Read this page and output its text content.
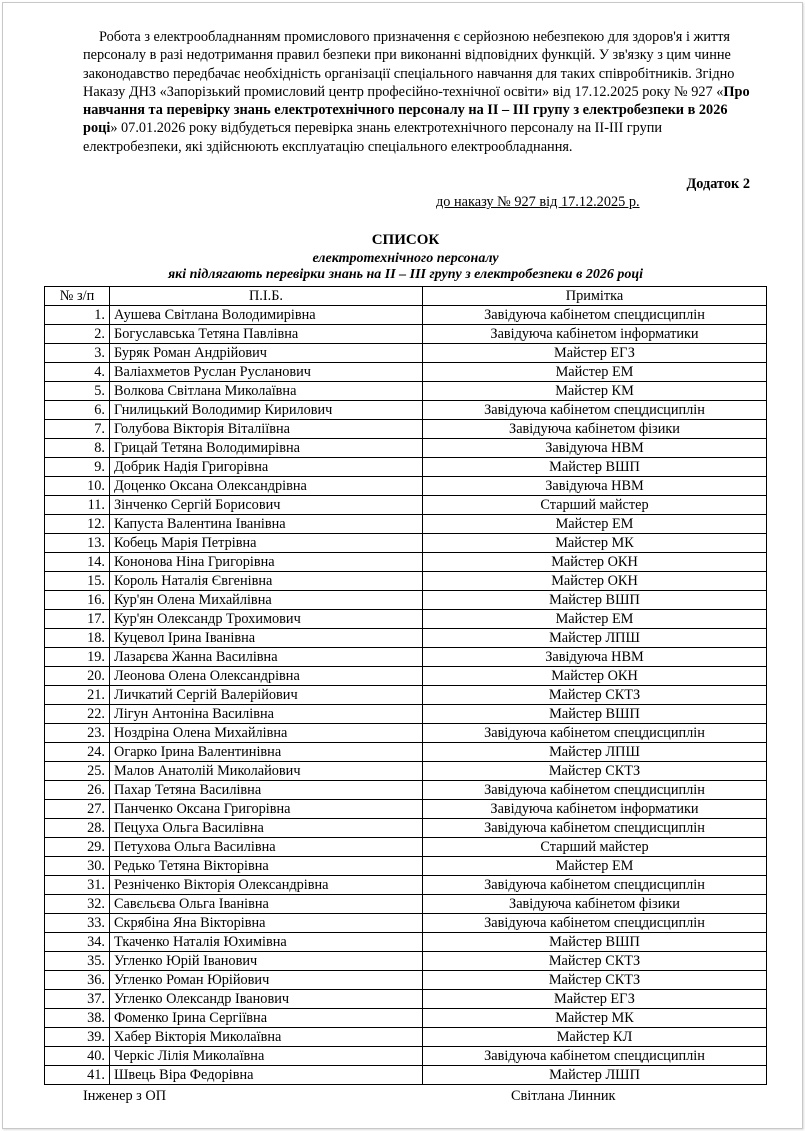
Робота з електрообладнанням промислового призначення є серйозною небезпекою для здоров'я і життя персоналу в разі недотримання правил безпеки при виконанні відповідних функцій. У зв'язку з цим чинне законодавство передбачає необхідність організації спеціального навчання для таких співробітників. Згідно Наказу ДНЗ «Запорізький промисловий центр професійно-технічної освіти» від 17.12.2025 року № 927 «Про навчання та перевірку знань електротехнічного персоналу на ІІ – ІІІ групу з електробезпеки в 2026 році» 07.01.2026 року відбудеться перевірка знань електротехнічного персоналу на ІІ-ІІІ групи електробезпеки, які здійснюють експлуатацію спеціального електрообладнання.

Додаток 2
до наказу № 927 від 17.12.2025 р.

СПИСОК

електротехнічного персоналу

які підлягають перевірки знань на ІІ – ІІІ групу з електробезпеки в 2026 році

№ з/п	П.І.Б.	Примітка
1.	Аушева Світлана Володимирівна	Завідуюча кабінетом спецдисциплін
2.	Богуславська Тетяна Павлівна	Завідуюча кабінетом інформатики
3.	Буряк Роман Андрійович	Майстер ЕГЗ
4.	Валіахметов Руслан Русланович	Майстер ЕМ
5.	Волкова Світлана Миколаївна	Майстер КМ
6.	Гнилицький Володимир Кирилович	Завідуюча кабінетом спецдисциплін
7.	Голубова Вікторія Віталіївна	Завідуюча кабінетом фізики
8.	Грицай Тетяна Володимирівна	Завідуюча НВМ
9.	Добрик Надія Григорівна	Майстер ВШП
10.	Доценко Оксана Олександрівна	Завідуюча НВМ
11.	Зінченко Сергій Борисович	Старший майстер
12.	Капуста Валентина Іванівна	Майстер ЕМ
13.	Кобець Марія Петрівна	Майстер МК
14.	Кононова Ніна Григорівна	Майстер ОКН
15.	Король Наталія Євгенівна	Майстер ОКН
16.	Кур'ян Олена Михайлівна	Майстер ВШП
17.	Кур'ян Олександр Трохимович	Майстер ЕМ
18.	Куцевол Ірина Іванівна	Майстер ЛПШ
19.	Лазарєва Жанна Василівна	Завідуюча НВМ
20.	Леонова Олена Олександрівна	Майстер ОКН
21.	Личкатий Сергій Валерійович	Майстер СКТЗ
22.	Лігун Антоніна Василівна	Майстер ВШП
23.	Ноздріна Олена Михайлівна	Завідуюча кабінетом спецдисциплін
24.	Огарко Ірина Валентинівна	Майстер ЛПШ
25.	Малов Анатолій Миколайович	Майстер СКТЗ
26.	Пахар Тетяна Василівна	Завідуюча кабінетом спецдисциплін
27.	Панченко Оксана Григорівна	Завідуюча кабінетом інформатики
28.	Пецуха Ольга Василівна	Завідуюча кабінетом спецдисциплін
29.	Петухова Ольга Василівна	Старший майстер
30.	Редько Тетяна Вікторівна	Майстер ЕМ
31.	Резніченко Вікторія Олександрівна	Завідуюча кабінетом спецдисциплін
32.	Савєльєва Ольга Іванівна	Завідуюча кабінетом фізики
33.	Скрябіна Яна Вікторівна	Завідуюча кабінетом спецдисциплін
34.	Ткаченко Наталія Юхимівна	Майстер ВШП
35.	Угленко Юрій Іванович	Майстер СКТЗ
36.	Угленко Роман Юрійович	Майстер СКТЗ
37.	Угленко Олександр Іванович	Майстер ЕГЗ
38.	Фоменко Ірина Сергіївна	Майстер МК
39.	Хабер Вікторія Миколаївна	Майстер КЛ
40.	Черкіс Лілія Миколаївна	Завідуюча кабінетом спецдисциплін
41.	Швець Віра Федорівна	Майстер ЛШП
Інженер з ОП	Світлана Линник
